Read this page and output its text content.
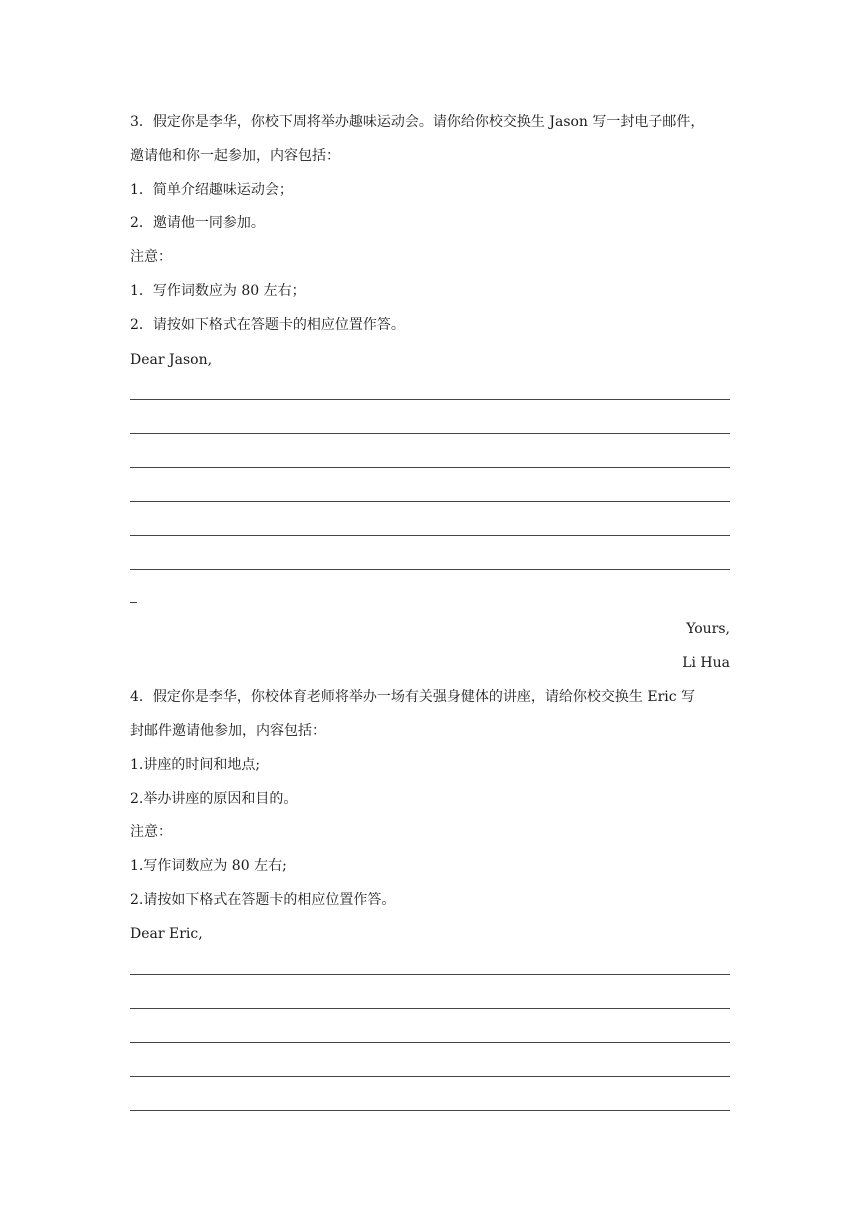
3．假定你是李华，你校下周将举办趣味运动会。请你给你校交换生 Jason 写一封电子邮件，
邀请他和你一起参加，内容包括：
1．简单介绍趣味运动会；
2．邀请他一同参加。
注意：
1．写作词数应为 80 左右；
2．请按如下格式在答题卡的相应位置作答。
Dear Jason,
Yours,
Li Hua
4．假定你是李华，你校体育老师将举办一场有关强身健体的讲座，请给你校交换生 Eric 写
封邮件邀请他参加，内容包括：
1.讲座的时间和地点;
2.举办讲座的原因和目的。
注意：
1.写作词数应为 80 左右;
2.请按如下格式在答题卡的相应位置作答。
Dear Eric,
